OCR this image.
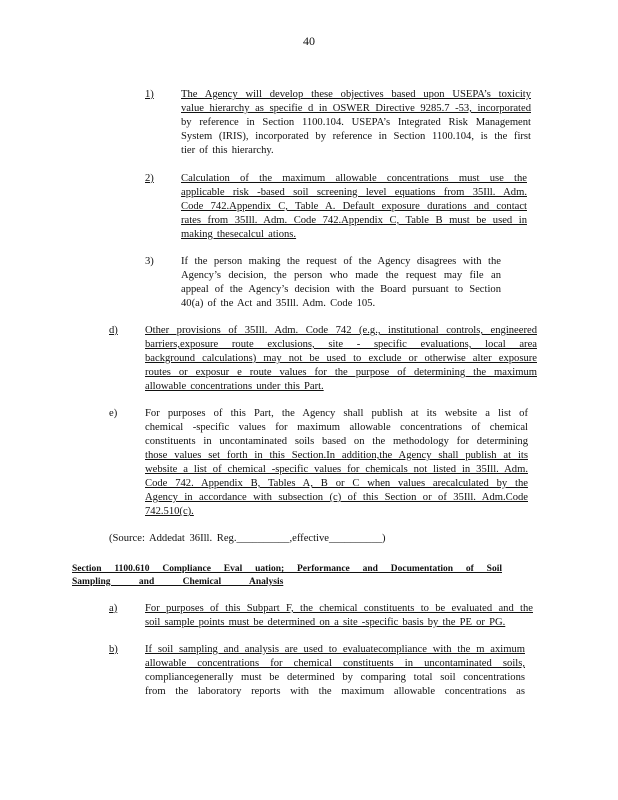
40
1)	The Agency will develop these objectives based upon USEPA’s toxicity
value hierarchy as specifie d in OSWER Directive 9285.7 -53, incorporated
by reference in Section 1100.104. USEPA’s Integrated Risk Management
System (IRIS), incorporated by reference in Section 1100.104, is the first
tier of this hierarchy.
2)	Calculation of the maximum allowable concentrations must use the
applicable risk -based soil screening level equations from 35Ill. Adm.
Code 742.Appendix C, Table A. Default exposure durations and contact
rates from 35Ill. Adm. Code 742.Appendix C, Table B must be used in
making thesecalcul ations.
3)	If the person making the request of the Agency disagrees with the
Agency’s decision, the person who made the request may file an
appeal of the Agency’s decision with the Board pursuant to Section
40(a) of the Act and 35Ill. Adm. Code 105.
d)	Other provisions of 35Ill. Adm. Code 742 (e.g., institutional controls, engineered
barriers,exposure route exclusions, site - specific evaluations, local area
background calculations) may not be used to exclude or otherwise alter exposure
routes or exposur e route values for the purpose of determining the maximum
allowable concentrations under this Part.
e)	For purposes of this Part, the Agency shall publish at its website a list of
chemical -specific values for maximum allowable concentrations of chemical
constituents in uncontaminated soils based on the methodology for determining
those values set forth in this Section.In addition,the Agency shall publish at its
website a list of chemical -specific values for chemicals not listed in 35Ill. Adm.
Code 742. Appendix B, Tables A, B or C when values arecalculated by the
Agency in accordance with subsection (c) of this Section or of 35Ill. Adm.Code
742.510(c).
(Source: Addedat 36Ill. Reg.__________,effective__________)
Section 1100.610 Compliance Eval uation; Performance and Documentation of Soil
Sampling and Chemical Analysis
a)	For purposes of this Subpart F, the chemical constituents to be evaluated and the
soil sample points must be determined on a site -specific basis by the PE or PG.
b)	If soil sampling and analysis are used to evaluatecompliance with the m aximum
allowable concentrations for chemical constituents in uncontaminated soils,
compliancegenerally must be determined by comparing total soil concentrations
from the laboratory reports with the maximum allowable concentrations as
